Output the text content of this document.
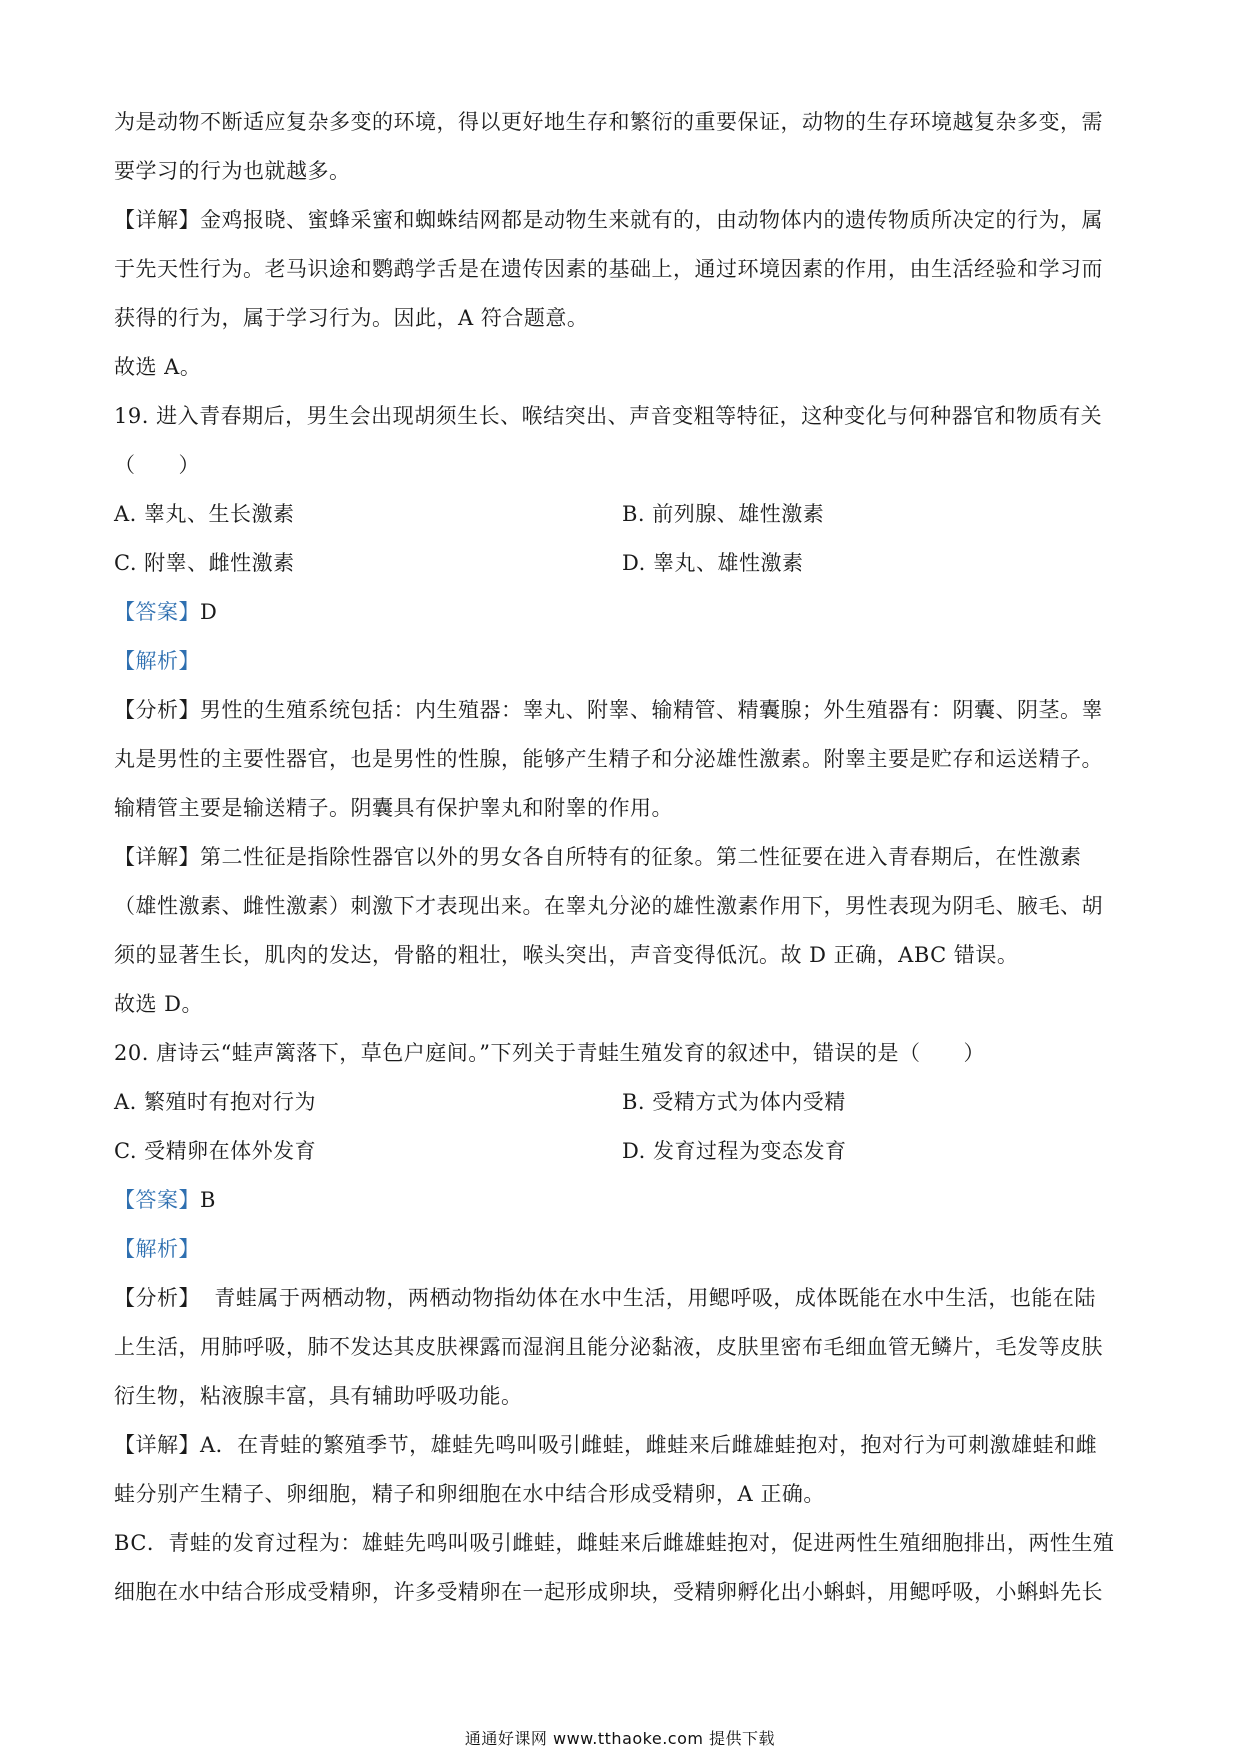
为是动物不断适应复杂多变的环境，得以更好地生存和繁衍的重要保证，动物的生存环境越复杂多变，需
要学习的行为也就越多。
【详解】金鸡报晓、蜜蜂采蜜和蜘蛛结网都是动物生来就有的，由动物体内的遗传物质所决定的行为，属
于先天性行为。老马识途和鹦鹉学舌是在遗传因素的基础上，通过环境因素的作用，由生活经验和学习而
获得的行为，属于学习行为。因此，A 符合题意。
故选 A。
19. 进入青春期后，男生会出现胡须生长、喉结突出、声音变粗等特征，这种变化与何种器官和物质有关
（　　）
A. 睾丸、生长激素	B. 前列腺、雄性激素
C. 附睾、雌性激素	D. 睾丸、雄性激素
【答案】D
【解析】
【分析】男性的生殖系统包括：内生殖器：睾丸、附睾、输精管、精囊腺；外生殖器有：阴囊、阴茎。睾
丸是男性的主要性器官，也是男性的性腺，能够产生精子和分泌雄性激素。附睾主要是贮存和运送精子。
输精管主要是输送精子。阴囊具有保护睾丸和附睾的作用。
【详解】第二性征是指除性器官以外的男女各自所特有的征象。第二性征要在进入青春期后，在性激素
（雄性激素、雌性激素）刺激下才表现出来。在睾丸分泌的雄性激素作用下，男性表现为阴毛、腋毛、胡
须的显著生长，肌肉的发达，骨骼的粗壮，喉头突出，声音变得低沉。故 D 正确，ABC 错误。
故选 D。
20. 唐诗云“蛙声篱落下，草色户庭间。”下列关于青蛙生殖发育的叙述中，错误的是（　　）
A. 繁殖时有抱对行为	B. 受精方式为体内受精
C. 受精卵在体外发育	D. 发育过程为变态发育
【答案】B
【解析】
【分析】  青蛙属于两栖动物，两栖动物指幼体在水中生活，用鳃呼吸，成体既能在水中生活，也能在陆
上生活，用肺呼吸，肺不发达其皮肤裸露而湿润且能分泌黏液，皮肤里密布毛细血管无鳞片，毛发等皮肤
衍生物，粘液腺丰富，具有辅助呼吸功能。
【详解】A．在青蛙的繁殖季节，雄蛙先鸣叫吸引雌蛙，雌蛙来后雌雄蛙抱对，抱对行为可刺激雄蛙和雌
蛙分别产生精子、卵细胞，精子和卵细胞在水中结合形成受精卵，A 正确。
BC．青蛙的发育过程为：雄蛙先鸣叫吸引雌蛙，雌蛙来后雌雄蛙抱对，促进两性生殖细胞排出，两性生殖
细胞在水中结合形成受精卵，许多受精卵在一起形成卵块，受精卵孵化出小蝌蚪，用鳃呼吸，小蝌蚪先长
通通好课网 www.tthaoke.com 提供下载
